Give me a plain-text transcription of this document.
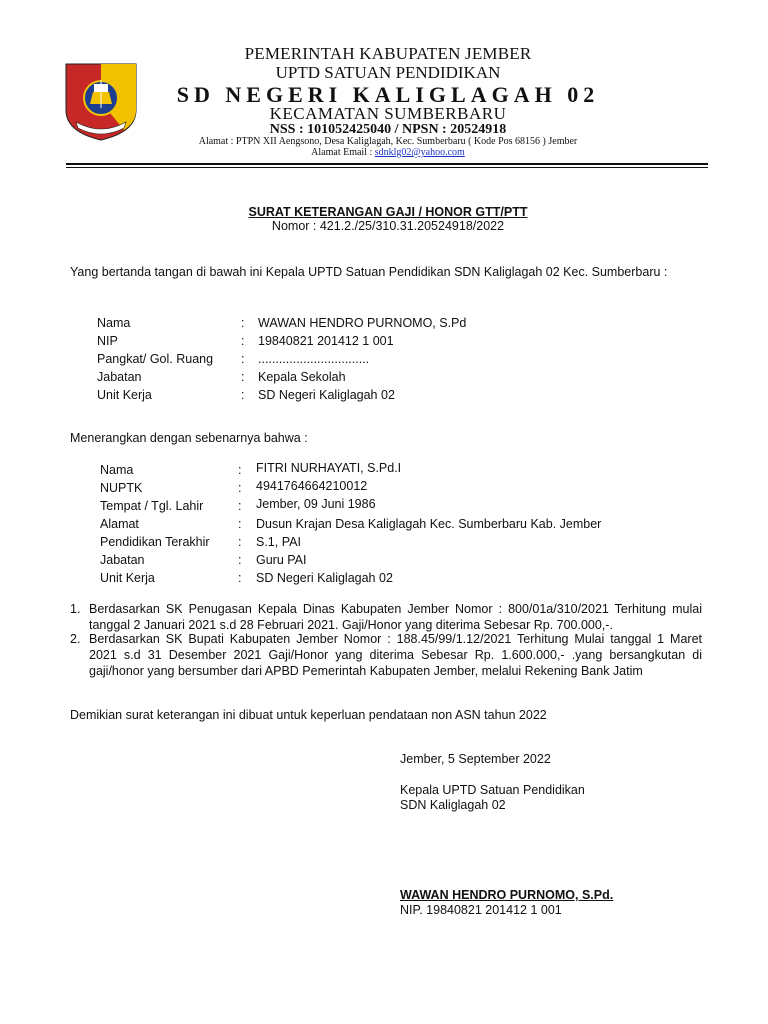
JEMBER
PEMERINTAH KABUPATEN JEMBER
UPTD SATUAN PENDIDIKAN
SD NEGERI KALIGLAGAH 02
KECAMATAN SUMBERBARU
NSS : 101052425040 / NPSN : 20524918
Alamat : PTPN XII Aengsono, Desa Kaliglagah, Kec. Sumberbaru ( Kode Pos 68156 ) Jember
Alamat Email : sdnklg02@yahoo.com
SURAT KETERANGAN GAJI / HONOR GTT/PTT
Nomor : 421.2./25/310.31.20524918/2022
Yang bertanda tangan di bawah ini Kepala UPTD Satuan Pendidikan SDN Kaliglagah 02 Kec. Sumberbaru :
Nama	: WAWAN HENDRO PURNOMO, S.Pd
NIP	: 19840821 201412 1 001
Pangkat/ Gol. Ruang : ................................
Jabatan	: Kepala Sekolah
Unit Kerja	: SD Negeri Kaliglagah 02
Menerangkan dengan sebenarnya bahwa :
Nama	: FITRI NURHAYATI, S.Pd.I
NUPTK	: 4941764664210012
Tempat / Tgl. Lahir	: Jember, 09 Juni 1986
Alamat	: Dusun Krajan Desa Kaliglagah Kec. Sumberbaru Kab. Jember
Pendidikan Terakhir : S.1, PAI
Jabatan	: Guru PAI
Unit Kerja	: SD Negeri Kaliglagah 02
1. Berdasarkan SK Penugasan Kepala Dinas Kabupaten Jember Nomor : 800/01a/310/2021 Terhitung mulai tanggal 2 Januari 2021 s.d 28 Februari 2021. Gaji/Honor yang diterima Sebesar Rp. 700.000,-.
2. Berdasarkan SK Bupati Kabupaten Jember Nomor : 188.45/99/1.12/2021 Terhitung Mulai tanggal 1 Maret 2021 s.d 31 Desember 2021 Gaji/Honor yang diterima Sebesar Rp. 1.600.000,- .yang bersangkutan di gaji/honor yang bersumber dari APBD Pemerintah Kabupaten Jember, melalui Rekening Bank Jatim
Demikian surat keterangan ini dibuat untuk keperluan pendataan non ASN tahun 2022
Jember, 5 September 2022
Kepala UPTD Satuan Pendidikan
SDN Kaliglagah 02
WAWAN HENDRO PURNOMO, S.Pd.
NIP. 19840821 201412 1 001
